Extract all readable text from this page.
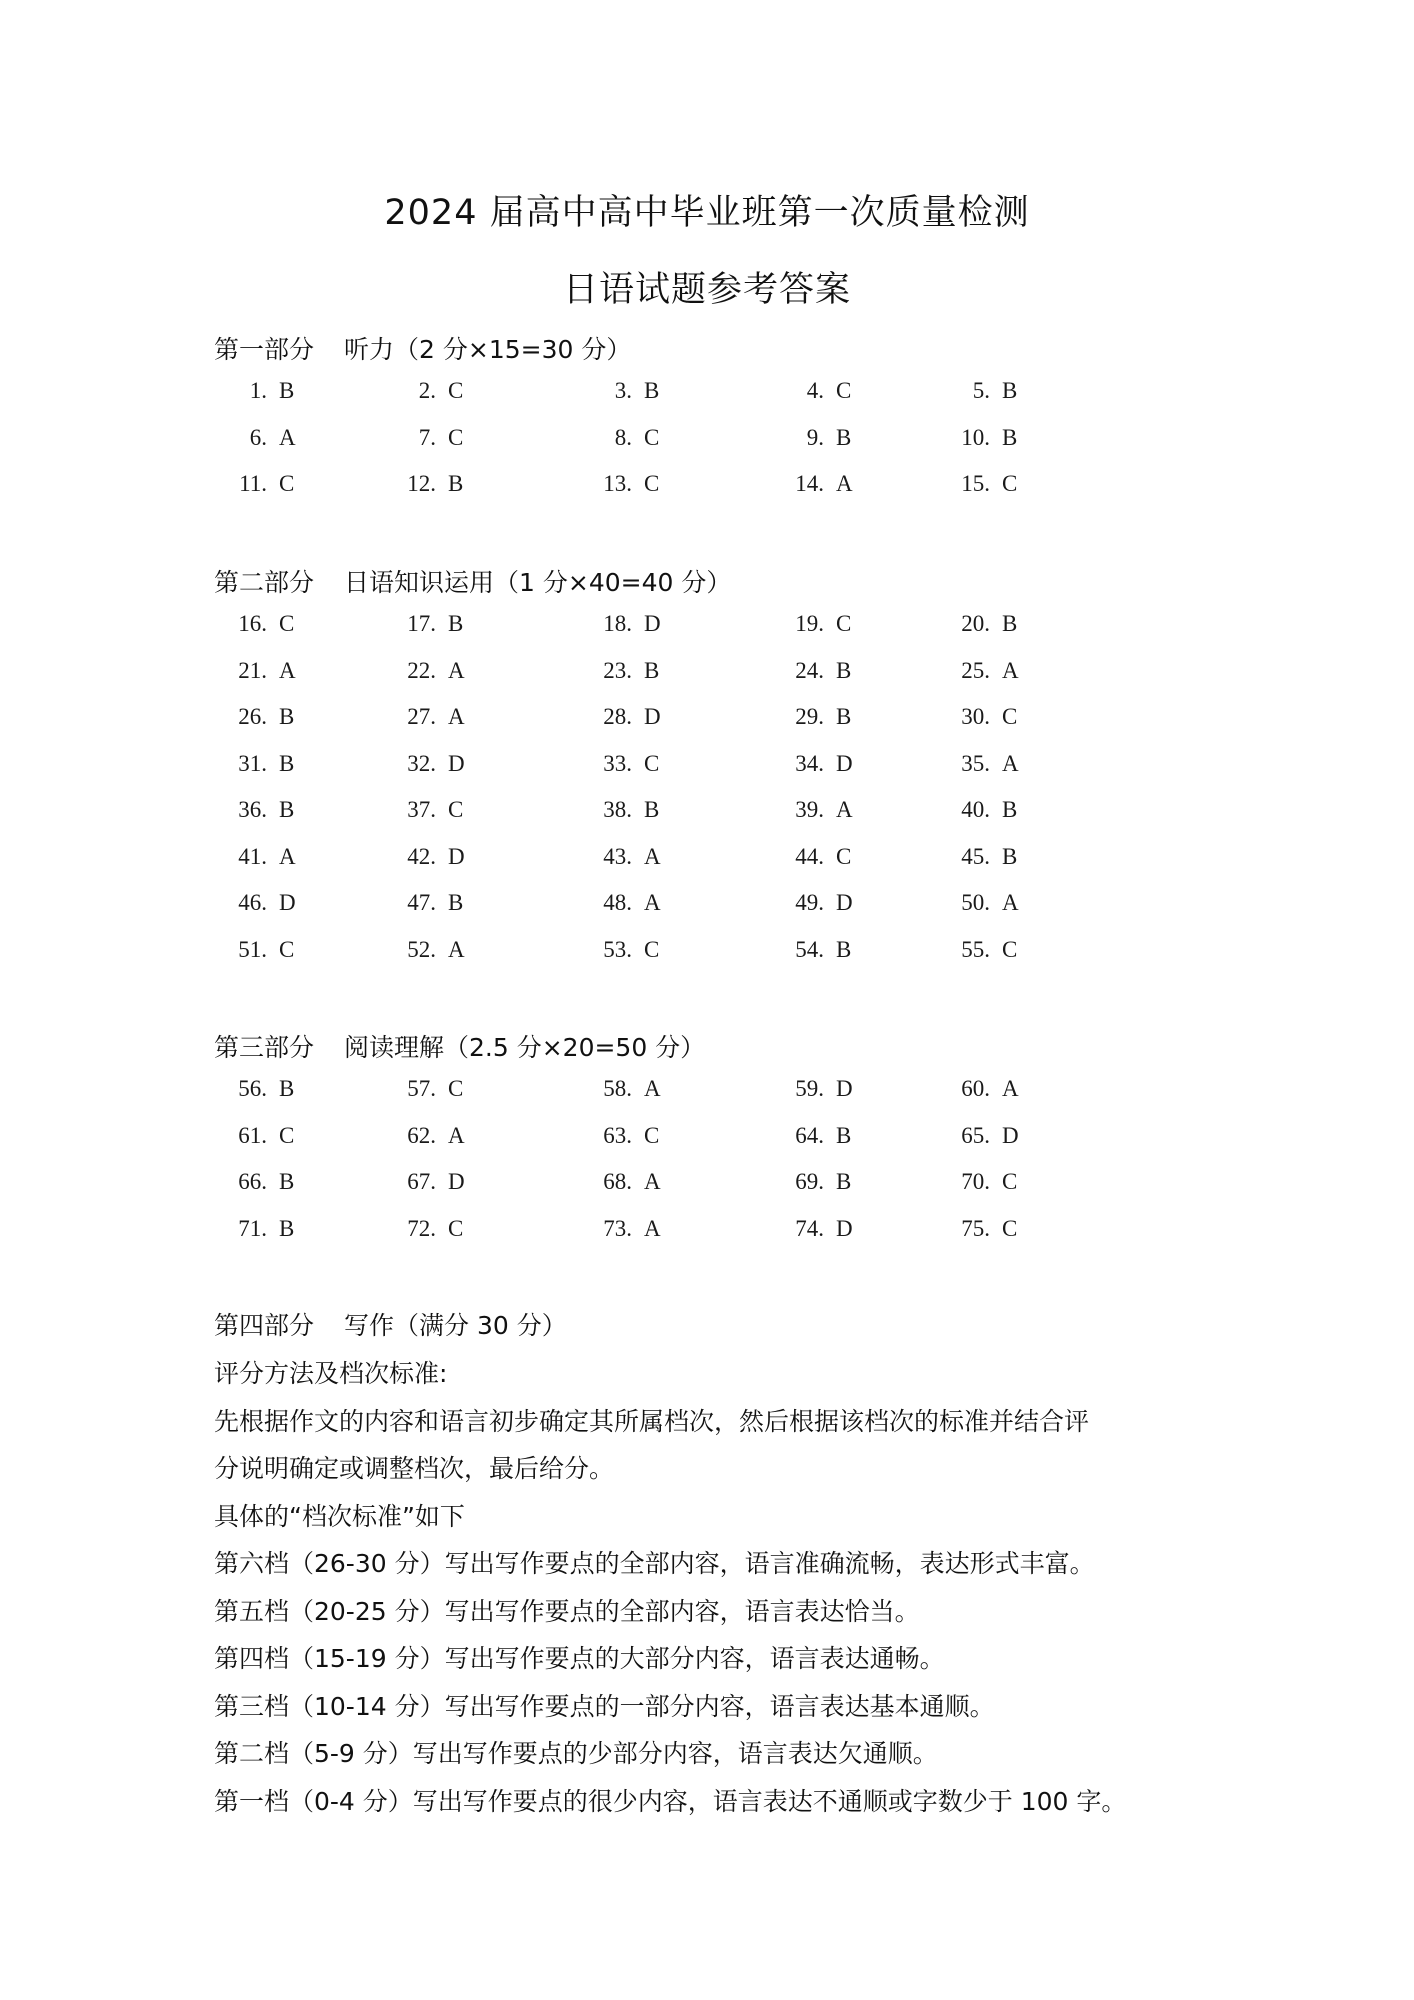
2024 届高中高中毕业班第一次质量检测
日语试题参考答案
第一部分 听力（2 分×15=30 分）
1. B	2. C	3. B	4. C	5. B
6. A	7. C	8. C	9. B	10. B
11. C	12. B	13. C	14. A	15. C
第二部分 日语知识运用（1 分×40=40 分）
16. C	17. B	18. D	19. C	20. B
21. A	22. A	23. B	24. B	25. A
26. B	27. A	28. D	29. B	30. C
31. B	32. D	33. C	34. D	35. A
36. B	37. C	38. B	39. A	40. B
41. A	42. D	43. A	44. C	45. B
46. D	47. B	48. A	49. D	50. A
51. C	52. A	53. C	54. B	55. C
第三部分 阅读理解（2.5 分×20=50 分）
56. B	57. C	58. A	59. D	60. A
61. C	62. A	63. C	64. B	65. D
66. B	67. D	68. A	69. B	70. C
71. B	72. C	73. A	74. D	75. C
第四部分 写作（满分 30 分）
评分方法及档次标准:
先根据作文的内容和语言初步确定其所属档次，然后根据该档次的标准并结合评
分说明确定或调整档次，最后给分。
具体的“档次标准”如下
第六档（26-30 分）写出写作要点的全部内容，语言准确流畅，表达形式丰富。
第五档（20-25 分）写出写作要点的全部内容，语言表达恰当。
第四档（15-19 分）写出写作要点的大部分内容，语言表达通畅。
第三档（10-14 分）写出写作要点的一部分内容，语言表达基本通顺。
第二档（5-9 分）写出写作要点的少部分内容，语言表达欠通顺。
第一档（0-4 分）写出写作要点的很少内容，语言表达不通顺或字数少于 100 字。
